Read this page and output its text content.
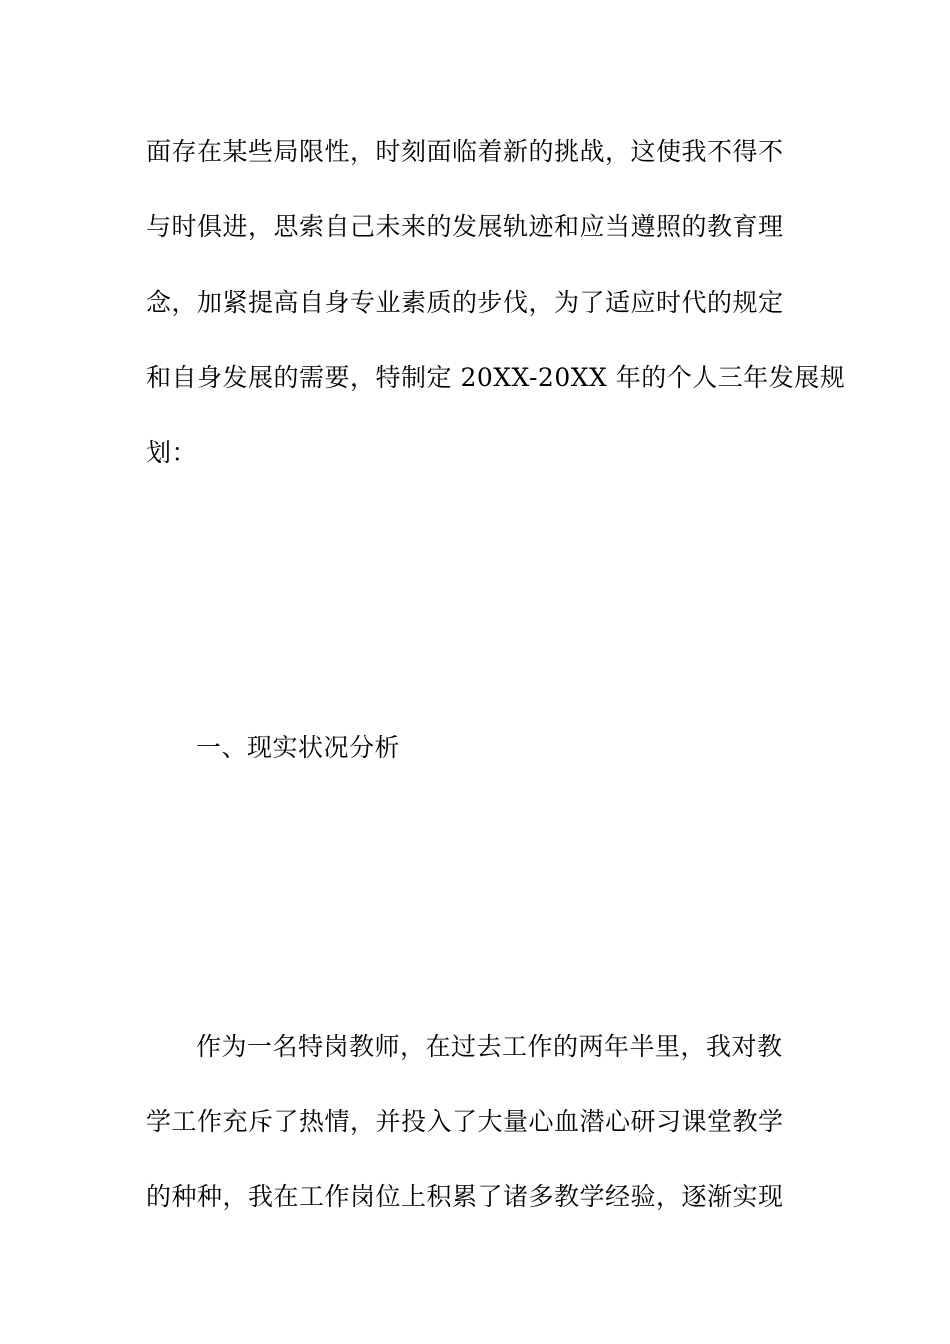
面存在某些局限性，时刻面临着新的挑战，这使我不得不
与时俱进，思索自己未来的发展轨迹和应当遵照的教育理
念，加紧提高自身专业素质的步伐，为了适应时代的规定
和自身发展的需要，特制定 20XX-20XX 年的个人三年发展规
划：
一、现实状况分析
作为一名特岗教师，在过去工作的两年半里，我对教
学工作充斥了热情，并投入了大量心血潜心研习课堂教学
的种种，我在工作岗位上积累了诸多教学经验，逐渐实现
